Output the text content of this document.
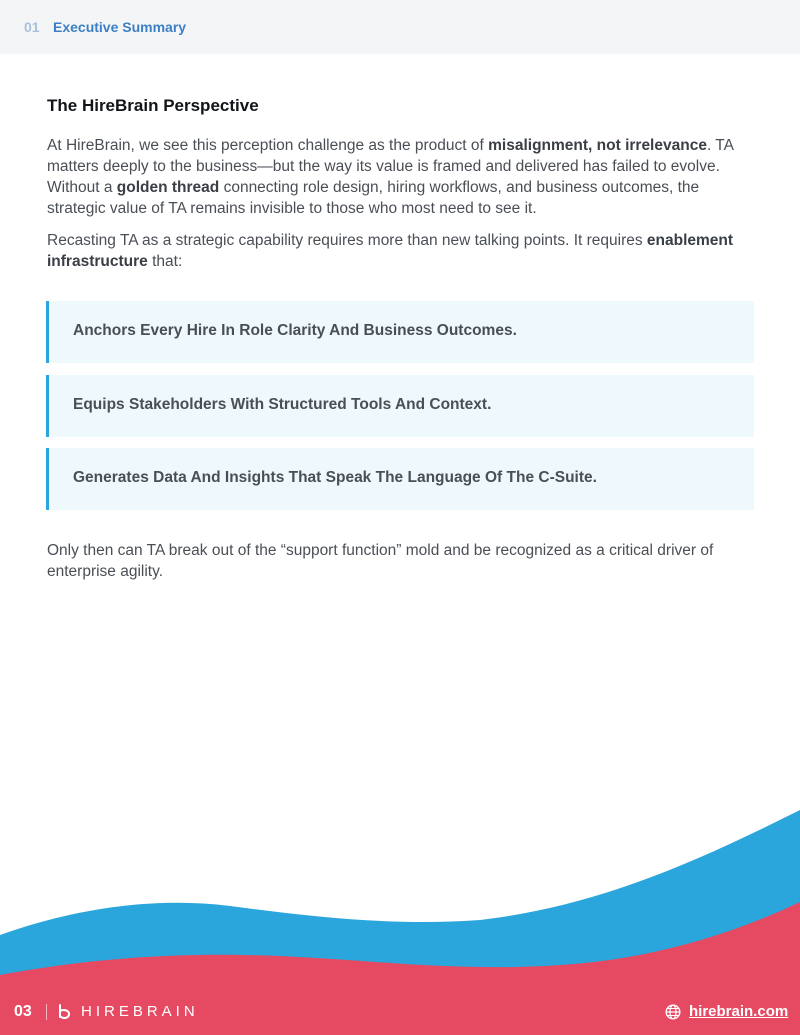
01 Executive Summary
The HireBrain Perspective

At HireBrain, we see this perception challenge as the product of misalignment, not irrelevance. TA matters deeply to the business—but the way its value is framed and delivered has failed to evolve. Without a golden thread connecting role design, hiring workflows, and business outcomes, the strategic value of TA remains invisible to those who most need to see it.

Recasting TA as a strategic capability requires more than new talking points. It requires enablement infrastructure that:

Anchors Every Hire In Role Clarity And Business Outcomes.
Equips Stakeholders With Structured Tools And Context.
Generates Data And Insights That Speak The Language Of The C-Suite.

Only then can TA break out of the “support function” mold and be recognized as a critical driver of enterprise agility.

03	HIREBRAIN	hirebrain.com
